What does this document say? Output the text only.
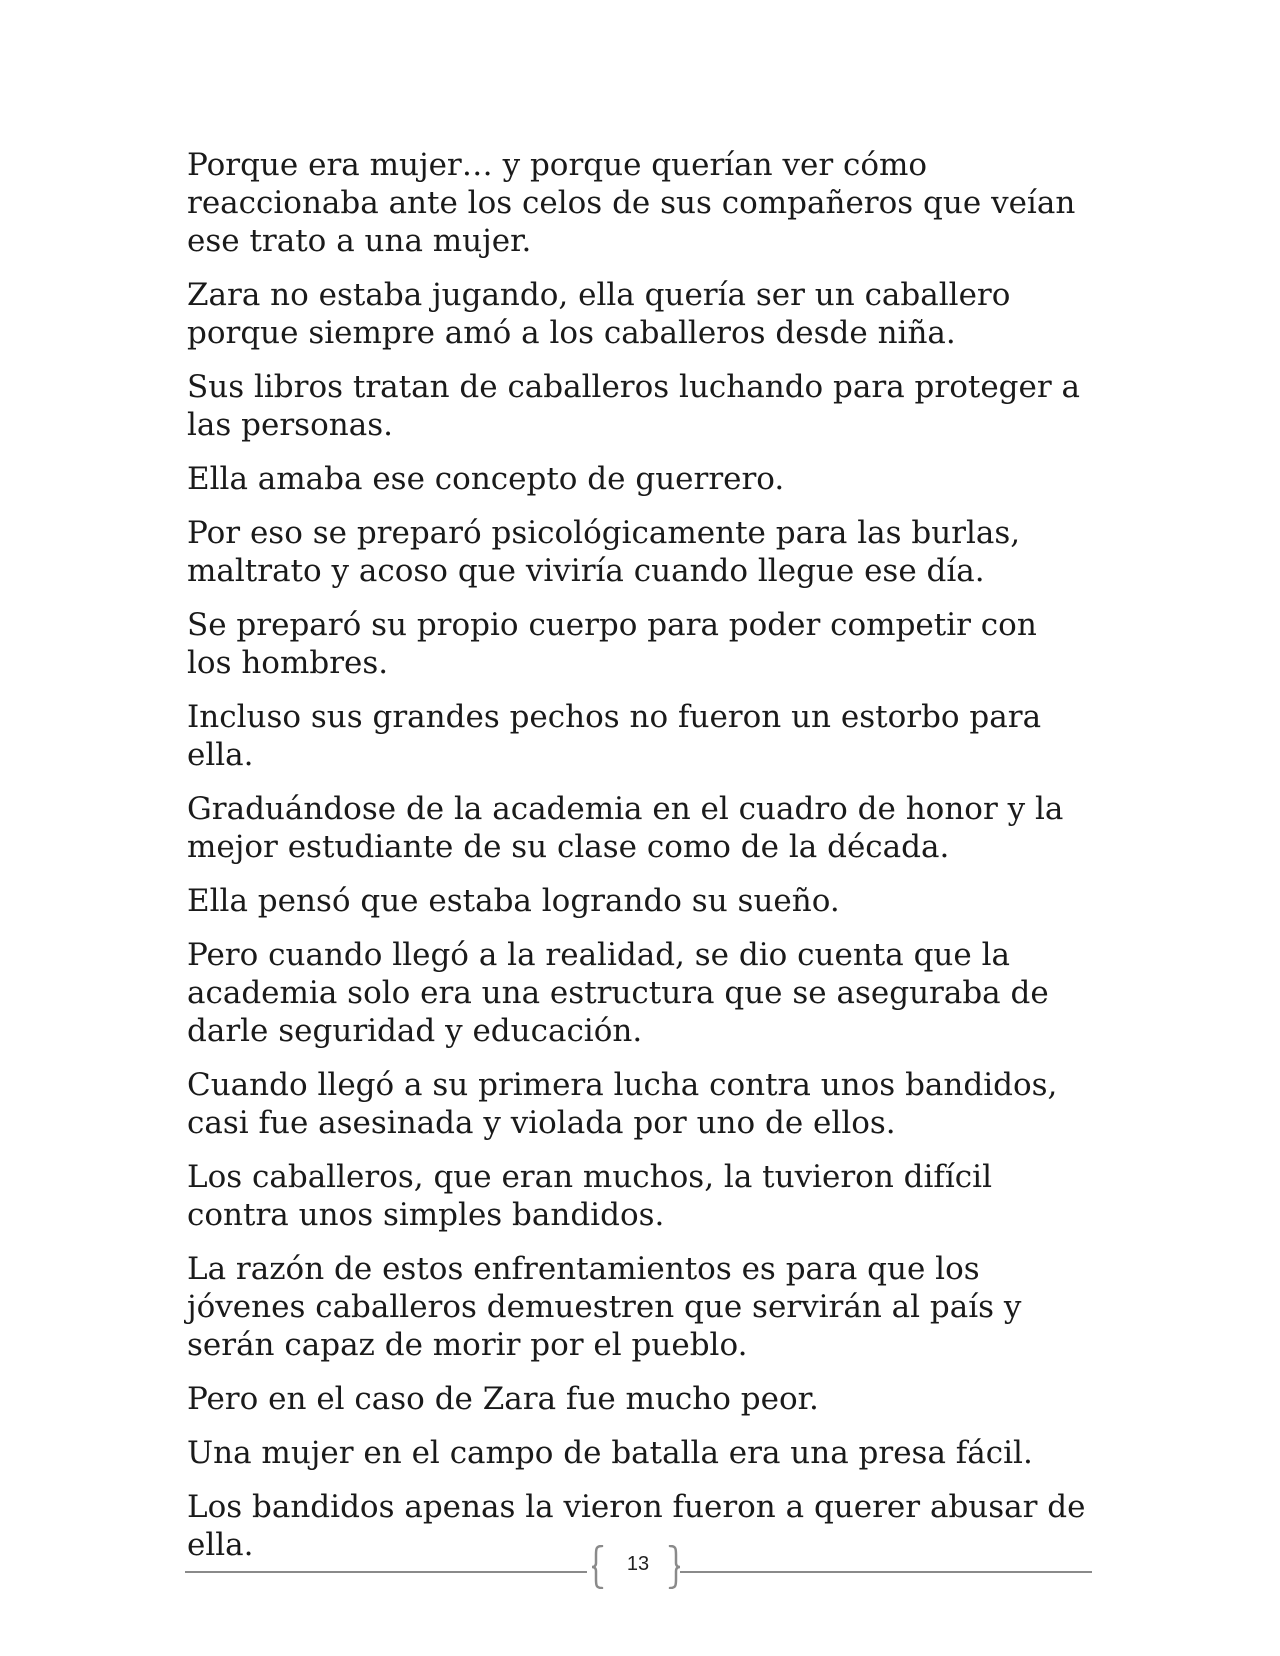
Porque era mujer… y porque querían ver cómo reaccionaba ante los celos de sus compañeros que veían ese trato a una mujer.

Zara no estaba jugando, ella quería ser un caballero porque siempre amó a los caballeros desde niña.

Sus libros tratan de caballeros luchando para proteger a las personas.

Ella amaba ese concepto de guerrero.

Por eso se preparó psicológicamente para las burlas, maltrato y acoso que viviría cuando llegue ese día.

Se preparó su propio cuerpo para poder competir con los hombres.

Incluso sus grandes pechos no fueron un estorbo para ella.

Graduándose de la academia en el cuadro de honor y la mejor estudiante de su clase como de la década.

Ella pensó que estaba logrando su sueño.

Pero cuando llegó a la realidad, se dio cuenta que la academia solo era una estructura que se aseguraba de darle seguridad y educación.

Cuando llegó a su primera lucha contra unos bandidos, casi fue asesinada y violada por uno de ellos.

Los caballeros, que eran muchos, la tuvieron difícil contra unos simples bandidos.

La razón de estos enfrentamientos es para que los jóvenes caballeros demuestren que servirán al país y serán capaz de morir por el pueblo.

Pero en el caso de Zara fue mucho peor.

Una mujer en el campo de batalla era una presa fácil.

Los bandidos apenas la vieron fueron a querer abusar de ella.

13
